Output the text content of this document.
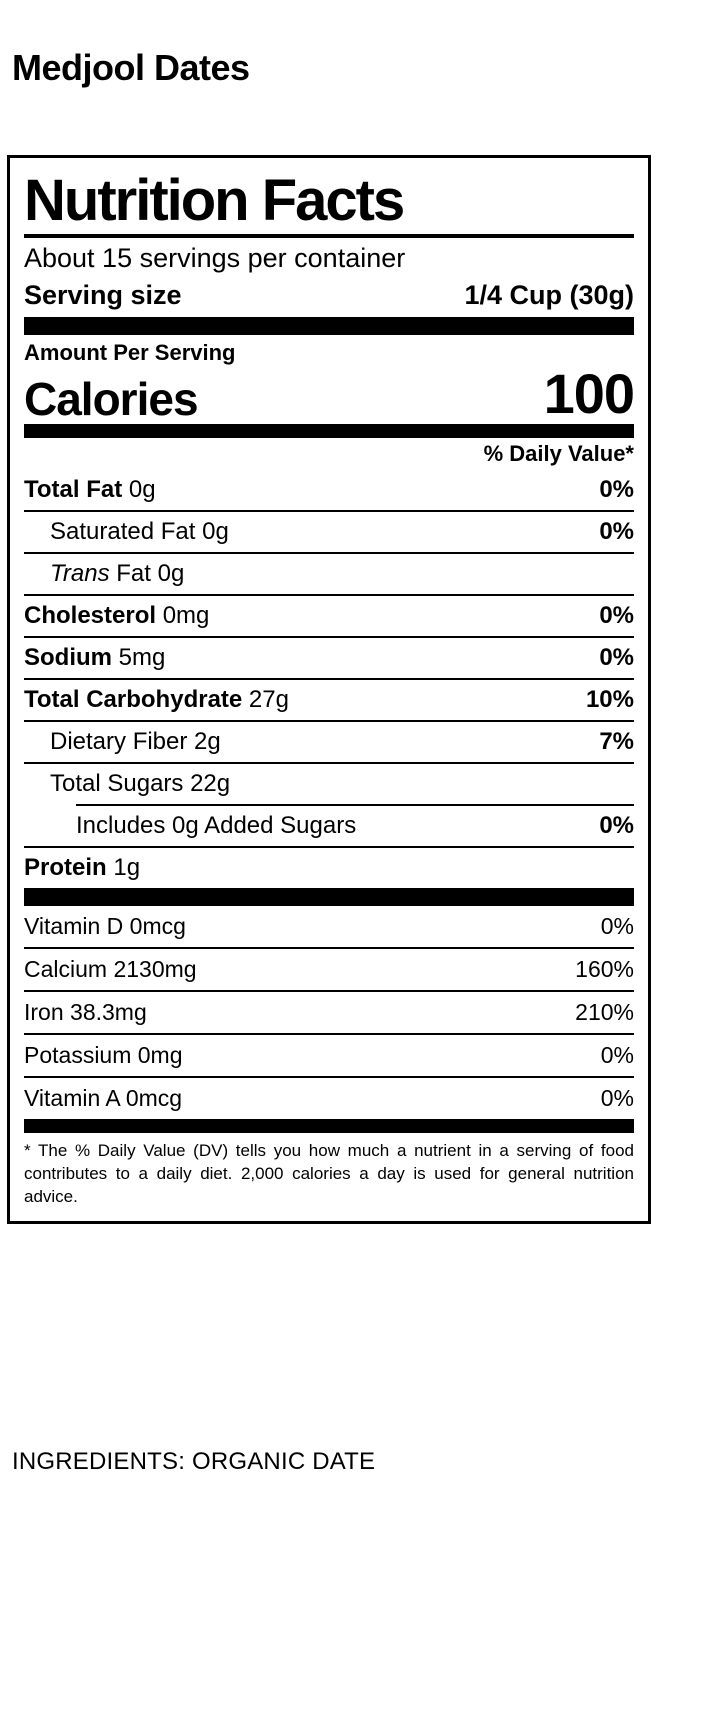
Medjool Dates
Nutrition Facts
About 15 servings per container
Serving size	1/4 Cup (30g)
Amount Per Serving
Calories	100
% Daily Value*
Total Fat 0g	0%
Saturated Fat 0g	0%
Trans Fat 0g
Cholesterol 0mg	0%
Sodium 5mg	0%
Total Carbohydrate 27g	10%
Dietary Fiber 2g	7%
Total Sugars 22g
Includes 0g Added Sugars	0%
Protein 1g
Vitamin D 0mcg	0%
Calcium 2130mg	160%
Iron 38.3mg	210%
Potassium 0mg	0%
Vitamin A 0mcg	0%
* The % Daily Value (DV) tells you how much a nutrient in a serving of food contributes to a daily diet. 2,000 calories a day is used for general nutrition advice.
INGREDIENTS: ORGANIC DATE
